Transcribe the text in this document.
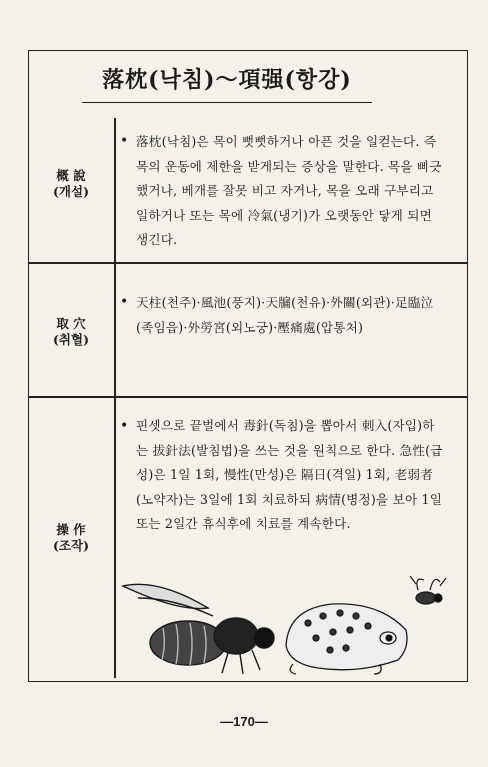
落枕(낙침)～項强(항강)
概 說
(개설)
• 落枕(낙침)은 목이 뻣뻣하거나 아픈 것을 일컫는다. 즉 목의 운동에 제한을 받게되는 증상을 말한다. 목을 삐긋했거나, 베개를 잘못 비고 자거나, 목을 오래 구부리고 일하거나 또는 목에 冷氣(냉기)가 오랫동안 닿게 되면 생긴다.
取 穴
(취혈)
• 天柱(천주)·風池(풍지)·天牖(천유)·外關(외관)·足臨泣(족임읍)·外勞宮(외노궁)·壓痛處(압통처)
操 作
(조작)
• 핀셋으로 끝벌에서 毒針(독침)을 뽑아서 刺入(자입)하는 拔針法(발침법)을 쓰는 것을 원칙으로 한다. 急性(급성)은 1일 1회, 慢性(만성)은 隔日(격일) 1회, 老弱者(노약자)는 3일에 1회 치료하되 病情(병정)을 보아 1일 또는 2일간 휴식후에 치료를 계속한다.
—170—
